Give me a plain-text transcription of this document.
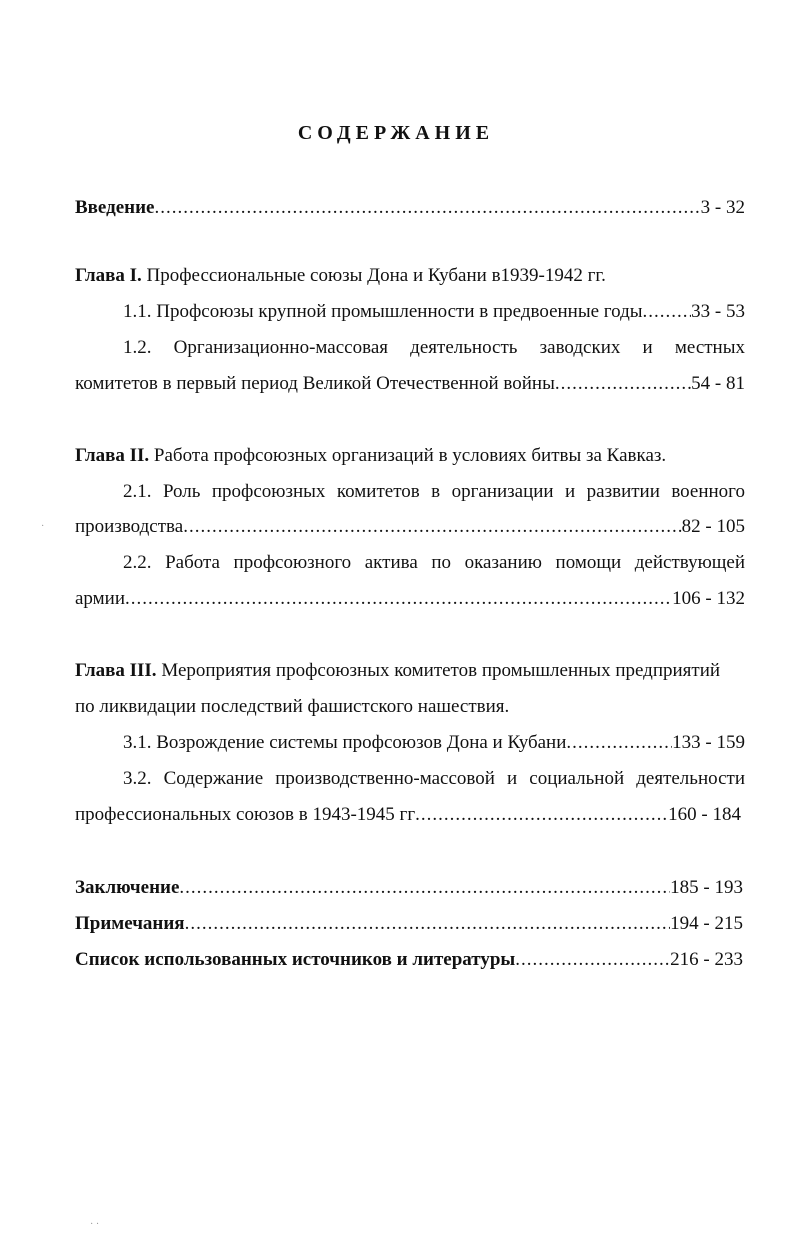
СОДЕРЖАНИЕ
Введение .....	3 - 32
Глава I. Профессиональные союзы Дона и Кубани в1939-1942 гг.
1.1. Профсоюзы крупной промышленности в предвоенные годы .....	33 - 53
1.2. Организационно-массовая деятельность заводских и местных
комитетов в первый период Великой Отечественной войны .....	54 - 81
Глава II. Работа профсоюзных организаций в условиях битвы за Кавказ.
2.1. Роль профсоюзных комитетов в организации и развитии военного
производства .....	82 - 105
2.2. Работа профсоюзного актива по оказанию помощи действующей
армии .....	106 - 132
Глава III. Мероприятия профсоюзных комитетов промышленных предприятий
по ликвидации последствий фашистского нашествия.
3.1. Возрождение системы профсоюзов Дона и Кубани .....	133 - 159
3.2. Содержание производственно-массовой и социальной деятельности
профессиональных союзов в 1943-1945 гг .....	160 - 184
Заключение .....	185 - 193
Примечания .....	194 - 215
Список использованных источников и литературы .....	216 - 233
·
· ·
